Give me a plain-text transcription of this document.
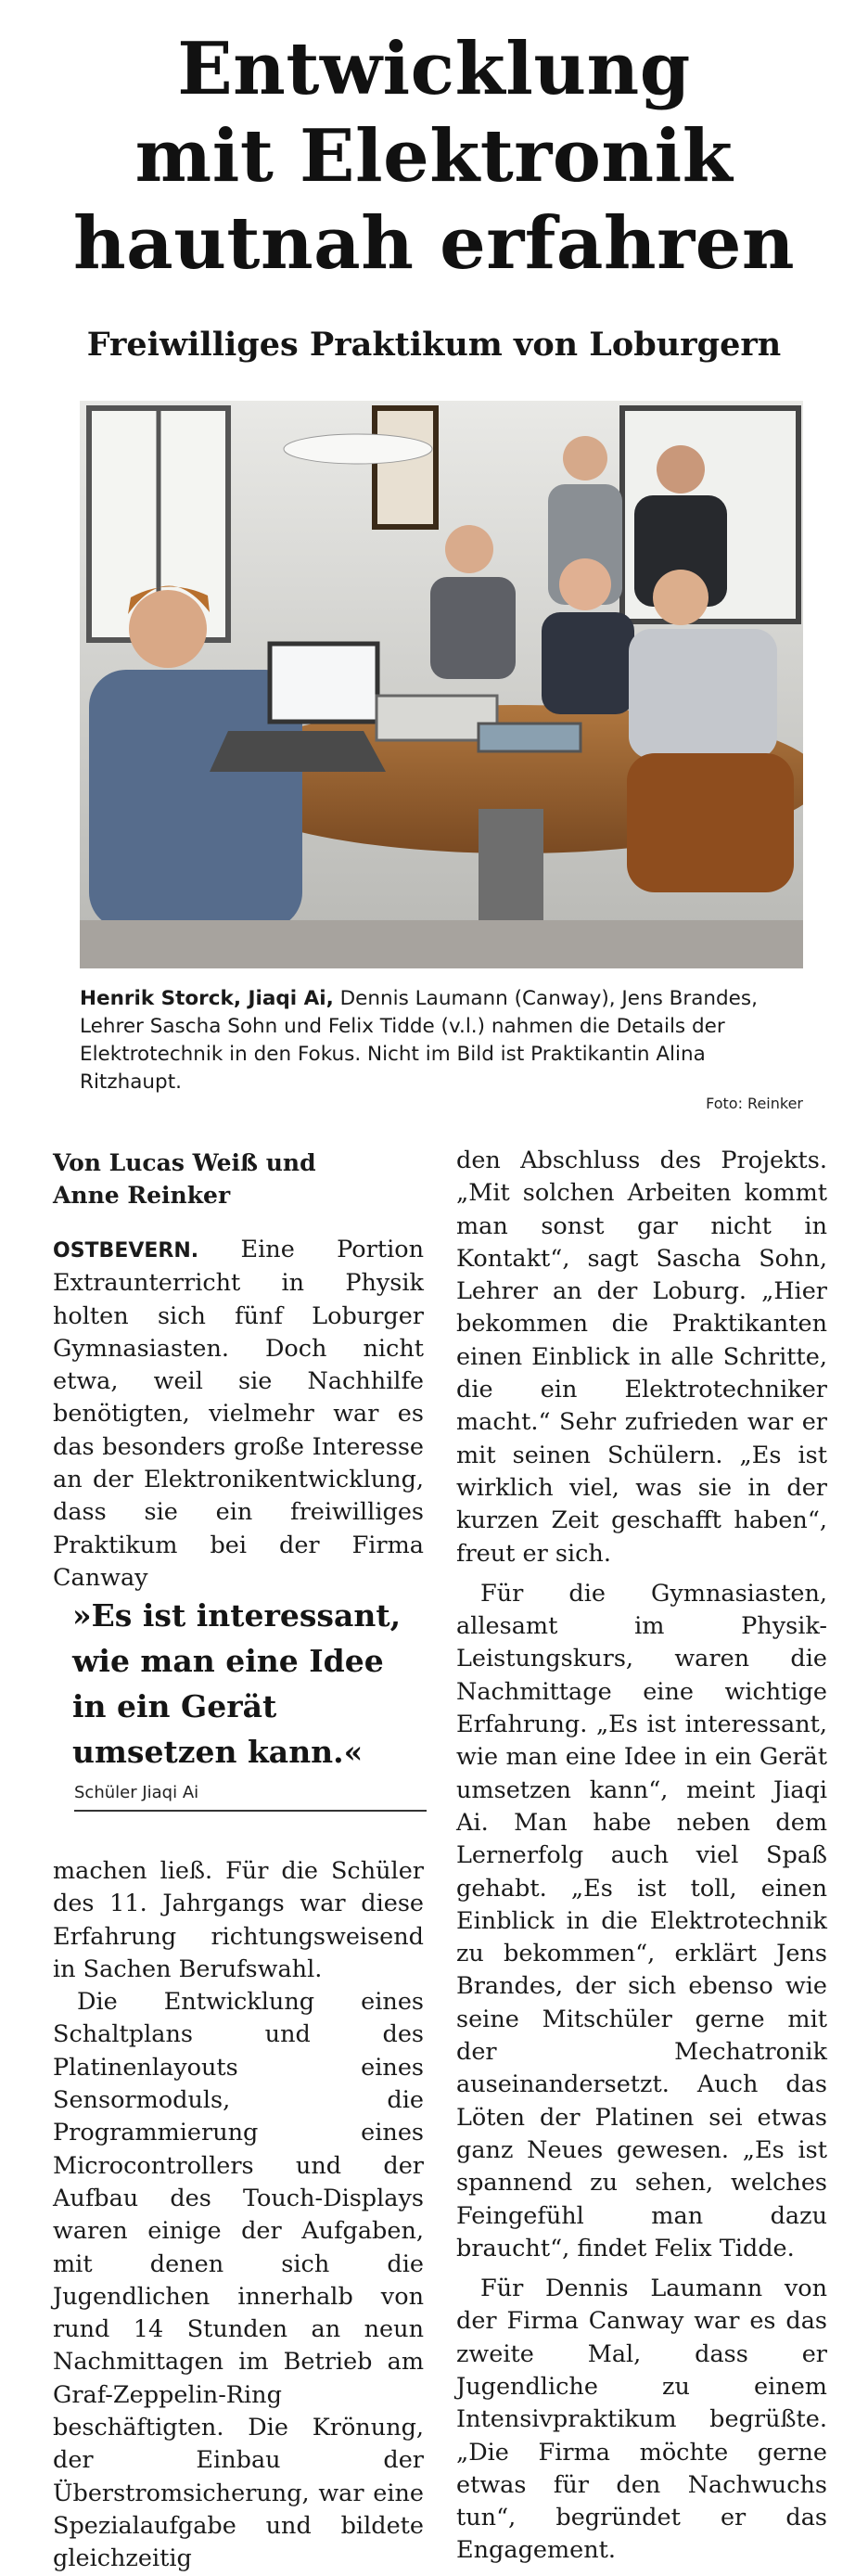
Entwicklung
mit Elektronik
hautnah erfahren
Freiwilliges Praktikum von Loburgern
Henrik Storck, Jiaqi Ai, Dennis Laumann (Canway), Jens Brandes, Lehrer Sascha Sohn und Felix Tidde (v.l.) nahmen die Details der Elektrotechnik in den Fokus. Nicht im Bild ist Praktikantin Alina Ritzhaupt.
Foto: Reinker
Von Lucas Weiß und
Anne Reinker

OSTBEVERN. Eine Portion Extraunterricht in Physik holten sich fünf Loburger Gymnasiasten. Doch nicht etwa, weil sie Nachhilfe benötigten, vielmehr war es das besonders große Interesse an der Elektronikentwicklung, dass sie ein freiwilliges Praktikum bei der Firma Canway

»Es ist interessant, wie man eine Idee in ein Gerät umsetzen kann.«
Schüler Jiaqi Ai

machen ließ. Für die Schüler des 11. Jahrgangs war diese Erfahrung richtungsweisend in Sachen Berufswahl.

Die Entwicklung eines Schaltplans und des Platinenlayouts eines Sensormoduls, die Programmierung eines Microcontrollers und der Aufbau des Touch-Displays waren einige der Aufgaben, mit denen sich die Jugendlichen innerhalb von rund 14 Stunden an neun Nachmittagen im Betrieb am Graf-Zeppelin-Ring beschäftigten. Die Krönung, der Einbau der Überstromsicherung, war eine Spezialaufgabe und bildete gleichzeitig

den Abschluss des Projekts. „Mit solchen Arbeiten kommt man sonst gar nicht in Kontakt“, sagt Sascha Sohn, Lehrer an der Loburg. „Hier bekommen die Praktikanten einen Einblick in alle Schritte, die ein Elektrotechniker macht.“ Sehr zufrieden war er mit seinen Schülern. „Es ist wirklich viel, was sie in der kurzen Zeit geschafft haben“, freut er sich.

Für die Gymnasiasten, allesamt im Physik-Leistungskurs, waren die Nachmittage eine wichtige Erfahrung. „Es ist interessant, wie man eine Idee in ein Gerät umsetzen kann“, meint Jiaqi Ai. Man habe neben dem Lernerfolg auch viel Spaß gehabt. „Es ist toll, einen Einblick in die Elektrotechnik zu bekommen“, erklärt Jens Brandes, der sich ebenso wie seine Mitschüler gerne mit der Mechatronik auseinandersetzt. Auch das Löten der Platinen sei etwas ganz Neues gewesen. „Es ist spannend zu sehen, welches Feingefühl man dazu braucht“, findet Felix Tidde.

Für Dennis Laumann von der Firma Canway war es das zweite Mal, dass er Jugendliche zu einem Intensivpraktikum begrüßte. „Die Firma möchte gerne etwas für den Nachwuchs tun“, begründet er das Engagement.
